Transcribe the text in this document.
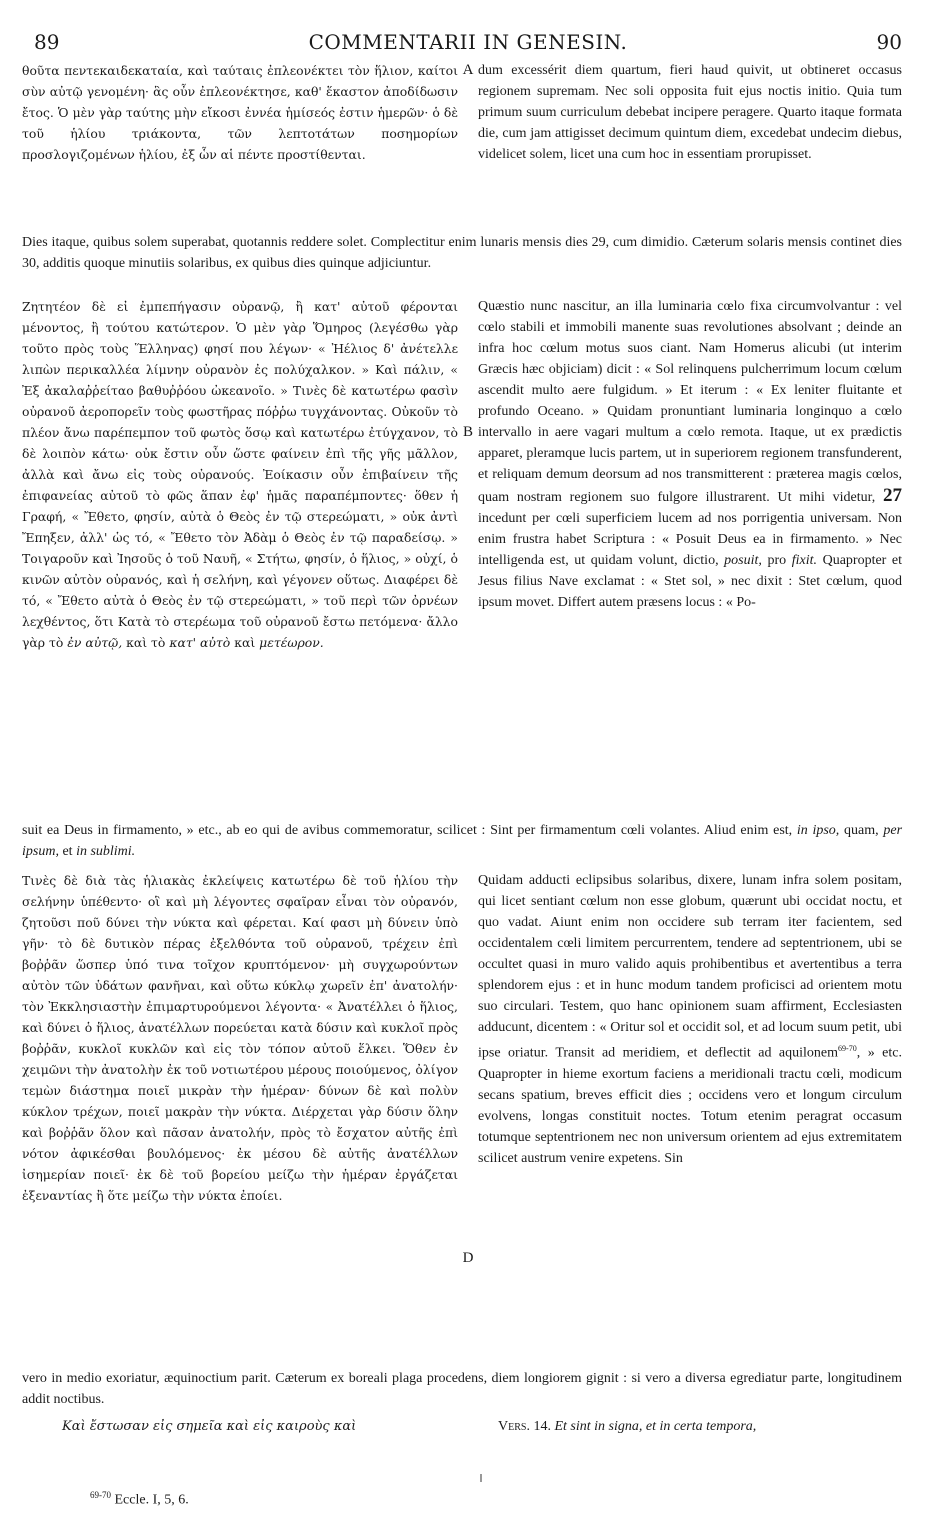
89	COMMENTARII IN GENESIN.	90
θοῦτα πεντεκαιδεκαταία, καὶ ταύταις ἐπλεονέκτει τὸν ἥλιον, καίτοι σὺν αὐτῷ γενομένη· ἃς οὖν ἐπλεονέκτησε, καθ' ἕκαστον ἀποδίδωσιν ἔτος. Ὁ μὲν γὰρ ταύτης μὴν εἴκοσι ἐννέα ἡμίσεός ἐστιν ἡμερῶν· ὁ δὲ τοῦ ἡλίου τριάκοντα, τῶν λεπτοτάτων ποσημορίων προσλογιζομένων ἡλίου, ἐξ ὧν αἱ πέντε προστίθενται.
A dum excessérit diem quartum, fieri haud quivit, ut obtineret occasus regionem supremam. Nec soli opposita fuit ejus noctis initio. Quia tum primum suum curriculum debebat incipere peragere. Quarto itaque formata die, cum jam attigisset decimum quintum diem, excedebat undecim diebus, videlicet solem, licet una cum hoc in essentiam prorupisset.
Dies itaque, quibus solem superabat, quotannis reddere solet. Complectitur enim lunaris mensis dies 29, cum dimidio. Cæterum solaris mensis continet dies 30, additis quoque minutiis solaribus, ex quibus dies quinque adjiciuntur.
Ζητητέον δὲ εἰ ἐμπεπήγασιν οὐρανῷ, ἢ κατ' αὐτοῦ φέρονται μένοντος, ἢ τούτου κατώτερον. Ὁ μὲν γὰρ Ὅμηρος (λεγέσθω γὰρ τοῦτο πρὸς τοὺς Ἕλληνας) φησί που λέγων· « Ἠέλιος δ' ἀνέτελλε λιπὼν περικαλλέα λίμνην οὐρανὸν ἐς πολύχαλκον. » Καὶ πάλιν, « Ἐξ ἀκαλαῤῥείταο βαθυῤῥόου ὠκεανοῖο. » Τινὲς δὲ κατωτέρω φασὶν οὐρανοῦ ἀεροπορεῖν τοὺς φωστῆρας πόῤῥω τυγχάνοντας. Οὐκοῦν τὸ πλέον ἄνω παρέπεμπον τοῦ φωτὸς ὅσῳ καὶ κατωτέρω ἐτύγχανον, τὸ δὲ λοιπὸν κάτω· οὐκ ἔστιν οὖν ὥστε φαίνειν ἐπὶ τῆς γῆς μᾶλλον, ἀλλὰ καὶ ἄνω εἰς τοὺς οὐρανούς. Ἐοίκασιν οὖν ἐπιβαίνειν τῆς ἐπιφανείας αὐτοῦ τὸ φῶς ἅπαν ἐφ' ἡμᾶς παραπέμποντες· ὅθεν ἡ Γραφή, « Ἔθετο, φησίν, αὐτὰ ὁ Θεὸς ἐν τῷ στερεώματι, » οὐκ ἀντὶ Ἔπηξεν, ἀλλ' ὡς τό, « Ἔθετο τὸν Ἀδὰμ ὁ Θεὸς ἐν τῷ παραδείσῳ. » Τοιγαροῦν καὶ Ἰησοῦς ὁ τοῦ Ναυῆ, « Στήτω, φησίν, ὁ ἥλιος, » οὐχί, ὁ κινῶν αὐτὸν οὐρανός, καὶ ἡ σελήνη, καὶ γέγονεν οὕτως. Διαφέρει δὲ τό, « Ἔθετο αὐτὰ ὁ Θεὸς ἐν τῷ στερεώματι, » τοῦ περὶ τῶν ὀρνέων λεχθέντος, ὅτι Κατὰ τὸ στερέωμα τοῦ οὐρανοῦ ἔστω πετόμενα· ἄλλο γὰρ τὸ ἐν αὐτῷ, καὶ τὸ κατ' αὐτὸ καὶ μετέωρον.
B
Quæstio nunc nascitur, an illa luminaria cœlo fixa circumvolvantur : vel cœlo stabili et immobili manente suas revolutiones absolvant ; deinde an infra hoc cœlum motus suos ciant. Nam Homerus alicubi (ut interim Græcis hæc objiciam) dicit : « Sol relinquens pulcherrimum locum cœlum ascendit multo aere fulgidum. » Et iterum : « Ex leniter fluitante et profundo Oceano. » Quidam pronuntiant luminaria longinquo a cœlo intervallo in aere vagari multum a cœlo remota. Itaque, ut ex prædictis apparet, pleramque lucis partem, ut in superiorem regionem transfunderent, et reliquam demum deorsum ad nos transmitterent : præterea magis cœlos, quam nostram regionem suo fulgore illustrarent. Ut mihi videtur, 27 incedunt per cœli superficiem lucem ad nos porrigentia universam. Non enim frustra habet Scriptura : « Posuit Deus ea in firmamento. » Nec intelligenda est, ut quidam volunt, dictio, posuit, pro fixit. Quapropter et Jesus filius Nave exclamat : « Stet sol, » nec dixit : Stet cœlum, quod ipsum movet. Differt autem præsens locus : « Po-
suit ea Deus in firmamento, » etc., ab eo qui de avibus commemoratur, scilicet : Sint per firmamentum cœli volantes. Aliud enim est, in ipso, quam, per ipsum, et in sublimi.
Τινὲς δὲ διὰ τὰς ἡλιακὰς ἐκλείψεις κατωτέρω δὲ τοῦ ἡλίου τὴν σελήνην ὑπέθεντο· οἳ καὶ μὴ λέγοντες σφαῖραν εἶναι τὸν οὐρανόν, ζητοῦσι ποῦ δύνει τὴν νύκτα καὶ φέρεται. Καί φασι μὴ δύνειν ὑπὸ γῆν· τὸ δὲ δυτικὸν πέρας ἐξελθόντα τοῦ οὐρανοῦ, τρέχειν ἐπὶ βοῤῥᾶν ὥσπερ ὑπό τινα τοῖχον κρυπτόμενον· μὴ συγχωρούντων αὐτὸν τῶν ὑδάτων φανῆναι, καὶ οὕτω κύκλῳ χωρεῖν ἐπ' ἀνατολήν· τὸν Ἐκκλησιαστὴν ἐπιμαρτυρούμενοι λέγοντα· « Ἀνατέλλει ὁ ἥλιος, καὶ δύνει ὁ ἥλιος, ἀνατέλλων πορεύεται κατὰ δύσιν καὶ κυκλοῖ πρὸς βοῤῥᾶν, κυκλοῖ κυκλῶν καὶ εἰς τὸν τόπον αὐτοῦ ἕλκει. Ὅθεν ἐν χειμῶνι τὴν ἀνατολὴν ἐκ τοῦ νοτιωτέρου μέρους ποιούμενος, ὀλίγον τεμὼν διάστημα ποιεῖ μικρὰν τὴν ἡμέραν· δύνων δὲ καὶ πολὺν κύκλον τρέχων, ποιεῖ μακρὰν τὴν νύκτα. Διέρχεται γὰρ δύσιν ὅλην καὶ βοῤῥᾶν ὅλον καὶ πᾶσαν ἀνατολήν, πρὸς τὸ ἔσχατον αὐτῆς ἐπὶ νότον ἀφικέσθαι βουλόμενος· ἐκ μέσου δὲ αὐτῆς ἀνατέλλων ἰσημερίαν ποιεῖ· ἐκ δὲ τοῦ βορείου μείζω τὴν ἡμέραν ἐργάζεται ἐξεναντίας ἢ ὅτε μείζω τὴν νύκτα ἐποίει.
D
Quidam adducti eclipsibus solaribus, dixere, lunam infra solem positam, qui licet sentiant cœlum non esse globum, quærunt ubi occidat noctu, et quo vadat. Aiunt enim non occidere sub terram iter facientem, sed occidentalem cœli limitem percurrentem, tendere ad septentrionem, ubi se occultet quasi in muro valido aquis prohibentibus et avertentibus a terra splendorem ejus : et in hunc modum tandem proficisci ad orientem motu suo circulari. Testem, quo hanc opinionem suam affirment, Ecclesiasten adducunt, dicentem : « Oritur sol et occidit sol, et ad locum suum petit, ubi ipse oriatur. Transit ad meridiem, et deflectit ad aquilonem$^{69-70}$, » etc. Quapropter in hieme exortum faciens a meridionali tractu cœli, modicum secans spatium, breves efficit dies ; occidens vero et longum circulum evolvens, longas constituit noctes. Totum etenim peragrat occasum totumque septentrionem nec non universum orientem ad ejus extremitatem scilicet austrum venire expetens. Sin
vero in medio exoriatur, æquinoctium parit. Cæterum ex boreali plaga procedens, diem longiorem gignit : si vero a diversa egrediatur parte, longitudinem addit noctibus.
Καὶ ἔστωσαν εἰς σημεῖα καὶ εἰς καιροὺς καὶ	Vers. 14. Et sint in signa, et in certa tempora,
$^{69-70}$ Eccle. I, 5, 6.
